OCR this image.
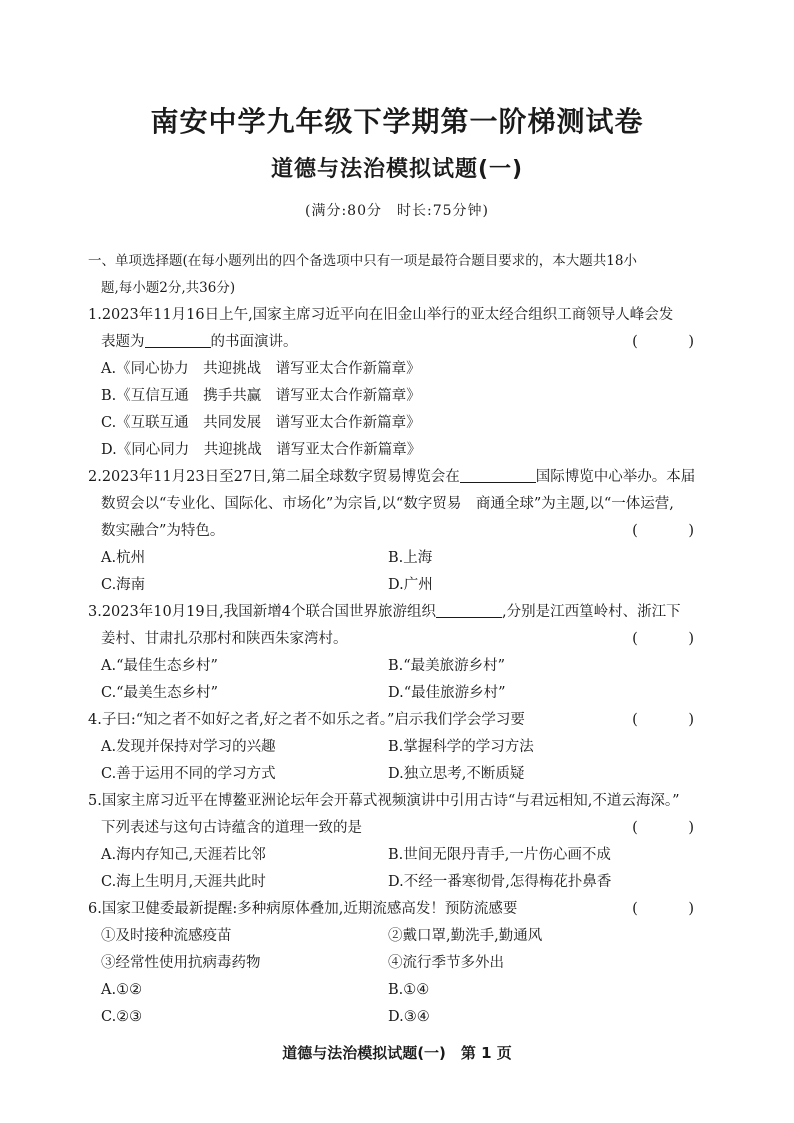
南安中学九年级下学期第一阶梯测试卷
道德与法治模拟试题(一)
(满分:80分　时长:75分钟)
一、单项选择题(在每小题列出的四个备选项中只有一项是最符合题目要求的，本大题共18小
题,每小题2分,共36分)
1.2023年11月16日上午,国家主席习近平向在旧金山举行的亚太经合组织工商领导人峰会发
表题为	的书面演讲。	(　)
A.《同心协力　共迎挑战　谱写亚太合作新篇章》
B.《互信互通　携手共赢　谱写亚太合作新篇章》
C.《互联互通　共同发展　谱写亚太合作新篇章》
D.《同心同力　共迎挑战　谱写亚太合作新篇章》
2.2023年11月23日至27日,第二届全球数字贸易博览会在	国际博览中心举办。本届
数贸会以“专业化、国际化、市场化”为宗旨,以“数字贸易　商通全球”为主题,以“一体运营,
数实融合”为特色。	(　)
A.杭州	B.上海
C.海南	D.广州
3.2023年10月19日,我国新增4个联合国世界旅游组织	,分别是江西篁岭村、浙江下
姜村、甘肃扎尕那村和陕西朱家湾村。	(　)
A.“最佳生态乡村”	B.“最美旅游乡村”
C.“最美生态乡村”	D.“最佳旅游乡村”
4.子曰:“知之者不如好之者,好之者不如乐之者。”启示我们学会学习要	(　)
A.发现并保持对学习的兴趣	B.掌握科学的学习方法
C.善于运用不同的学习方式	D.独立思考,不断质疑
5.国家主席习近平在博鳌亚洲论坛年会开幕式视频演讲中引用古诗“与君远相知,不道云海深。”
下列表述与这句古诗蕴含的道理一致的是	(　)
A.海内存知己,天涯若比邻	B.世间无限丹青手,一片伤心画不成
C.海上生明月,天涯共此时	D.不经一番寒彻骨,怎得梅花扑鼻香
6.国家卫健委最新提醒:多种病原体叠加,近期流感高发！预防流感要	(　)
①及时接种流感疫苗	②戴口罩,勤洗手,勤通风
③经常性使用抗病毒药物	④流行季节多外出
A.①②	B.①④
C.②③	D.③④
道德与法治模拟试题(一)　第 1 页
